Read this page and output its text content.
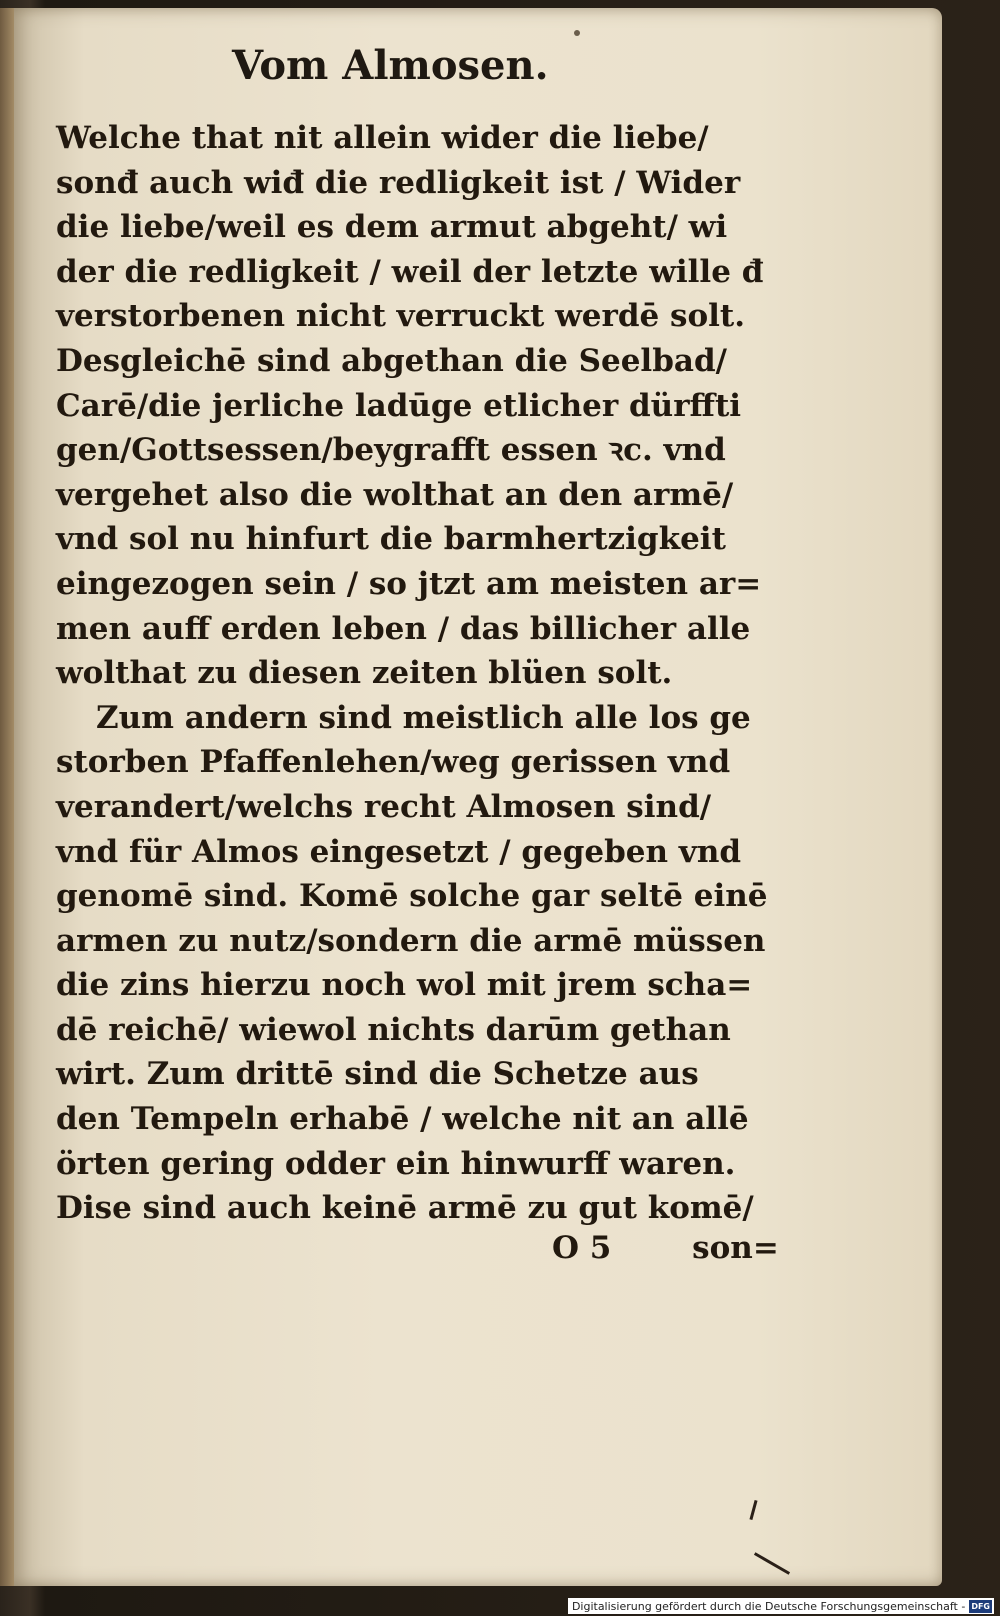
Vom Almosen.
Welche that nit allein wider die liebe/
sonđ auch wiđ die redligkeit ist / Wider
die liebe/weil es dem armut abgeht/ wi
der die redligkeit / weil der letzte wille đ
verstorbenen nicht verruckt werdē solt.
Desgleichē sind abgethan die Seelbad/
Carē/die jerliche ladūge etlicher dürffti
gen/Gottsessen/beygrafft essen ꝛc. vnd
vergehet also die wolthat an den armē/
vnd sol nu hinfurt die barmhertzigkeit
eingezogen sein / so jtzt am meisten ar=
men auff erden leben / das billicher alle
wolthat zu diesen zeiten blüen solt.
Zum andern sind meistlich alle los ge
storben Pfaffenlehen/weg gerissen vnd
verandert/welchs recht Almosen sind/
vnd für Almos eingesetzt / gegeben vnd
genomē sind. Komē solche gar seltē einē
armen zu nutz/sondern die armē müssen
die zins hierzu noch wol mit jrem scha=
dē reichē/ wiewol nichts darūm gethan
wirt. Zum drittē sind die Schetze aus
den Tempeln erhabē / welche nit an allē
örten gering odder ein hinwurff waren.
Dise sind auch keinē armē zu gut komē/
O 5	son=
Digitalisierung gefördert durch die Deutsche Forschungsgemeinschaft - DFG
